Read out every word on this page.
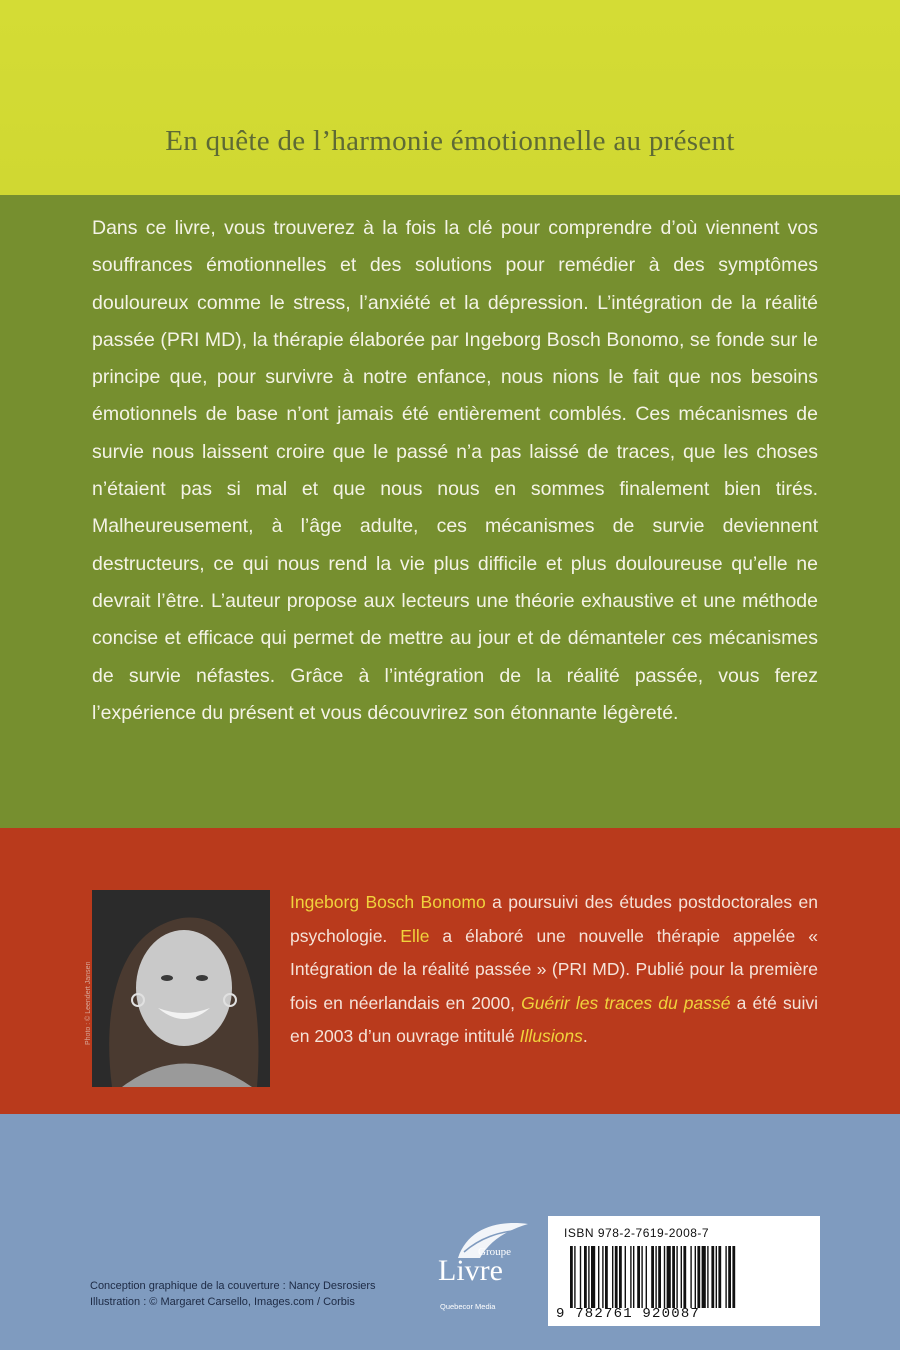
En quête de l’harmonie émotionnelle au présent
Dans ce livre, vous trouverez à la fois la clé pour comprendre d’où viennent vos souffrances émotionnelles et des solutions pour remédier à des symptômes douloureux comme le stress, l’anxiété et la dépression. L’intégration de la réalité passée (PRI MD), la thérapie élaborée par Ingeborg Bosch Bonomo, se fonde sur le principe que, pour survivre à notre enfance, nous nions le fait que nos besoins émotionnels de base n’ont jamais été entièrement comblés. Ces mécanismes de survie nous laissent croire que le passé n’a pas laissé de traces, que les choses n’étaient pas si mal et que nous nous en sommes finalement bien tirés. Malheureusement, à l’âge adulte, ces mécanismes de survie deviennent destructeurs, ce qui nous rend la vie plus difficile et plus douloureuse qu’elle ne devrait l’être. L’auteur propose aux lecteurs une théorie exhaustive et une méthode concise et efficace qui permet de mettre au jour et de démanteler ces mécanismes de survie néfastes. Grâce à l’intégration de la réalité passée, vous ferez l’expérience du présent et vous découvrirez son étonnante légèreté.
Photo : © Leendert Jansen
Ingeborg Bosch Bonomo a poursuivi des études postdoctorales en psychologie. Elle a élaboré une nouvelle thérapie appelée « Intégration de la réalité passée » (PRI MD). Publié pour la première fois en néerlandais en 2000, Guérir les traces du passé a été suivi en 2003 d’un ouvrage intitulé Illusions.
Conception graphique de la couverture : Nancy Desrosiers
Illustration : © Margaret Carsello, Images.com / Corbis
Groupe
Livre
Quebecor Media
ISBN 978-2-7619-2008-7
9 782761 920087
